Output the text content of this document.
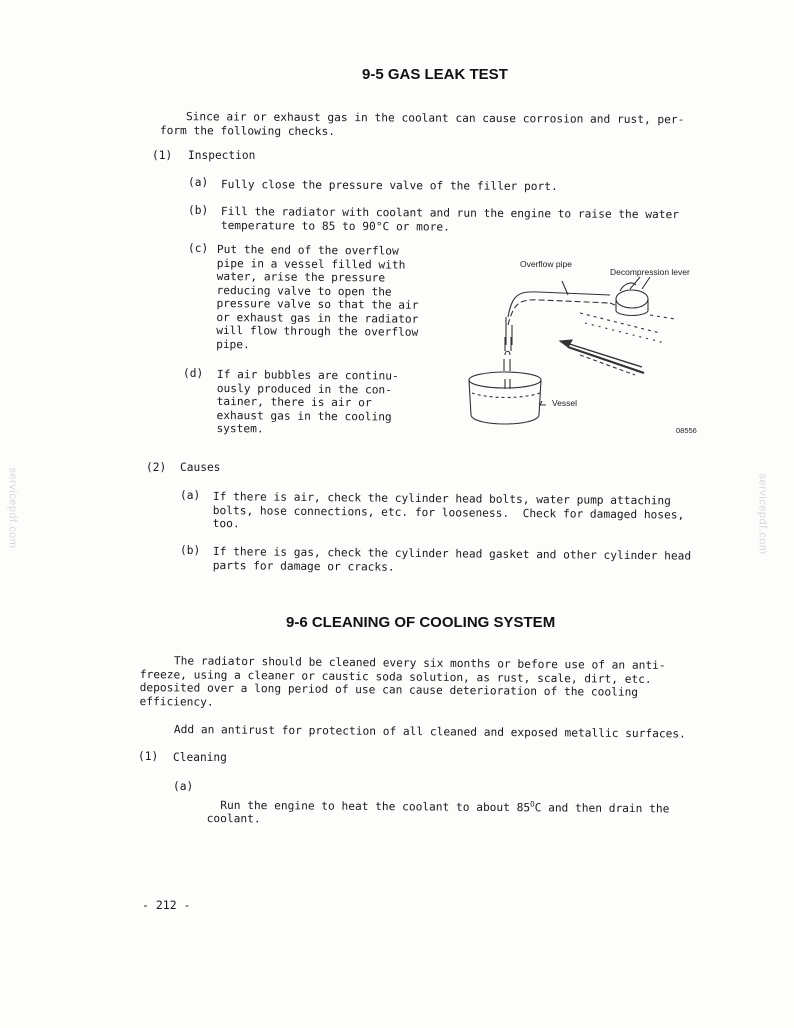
servicepdf.com	servicepdf.com
9-5 GAS LEAK TEST
Since air or exhaust gas in the coolant can cause corrosion and rust, per-
form the following checks.
(1) Inspection
(a) Fully close the pressure valve of the filler port.
(b) Fill the radiator with coolant and run the engine to raise the water
temperature to 85 to 90°C or more.
(c) Put the end of the overflow
pipe in a vessel filled with
water, arise the pressure
reducing valve to open the
pressure valve so that the air
or exhaust gas in the radiator
will flow through the overflow
pipe.
(d) If air bubbles are continu-
ously produced in the con-
tainer, there is air or
exhaust gas in the cooling
system.
Overflow pipe
Decompression lever
Vessel
08556
(2) Causes
(a) If there is air, check the cylinder head bolts, water pump attaching
bolts, hose connections, etc. for looseness.  Check for damaged hoses,
too.
(b) If there is gas, check the cylinder head gasket and other cylinder head
parts for damage or cracks.
9-6 CLEANING OF COOLING SYSTEM
The radiator should be cleaned every six months or before use of an anti-
freeze, using a cleaner or caustic soda solution, as rust, scale, dirt, etc.
deposited over a long period of use can cause deterioration of the cooling
efficiency.
Add an antirust for protection of all cleaned and exposed metallic surfaces.
(1) Cleaning
(a)

Run the engine to heat the coolant to about $85^OC$ and then drain the
coolant.

- 212 -
